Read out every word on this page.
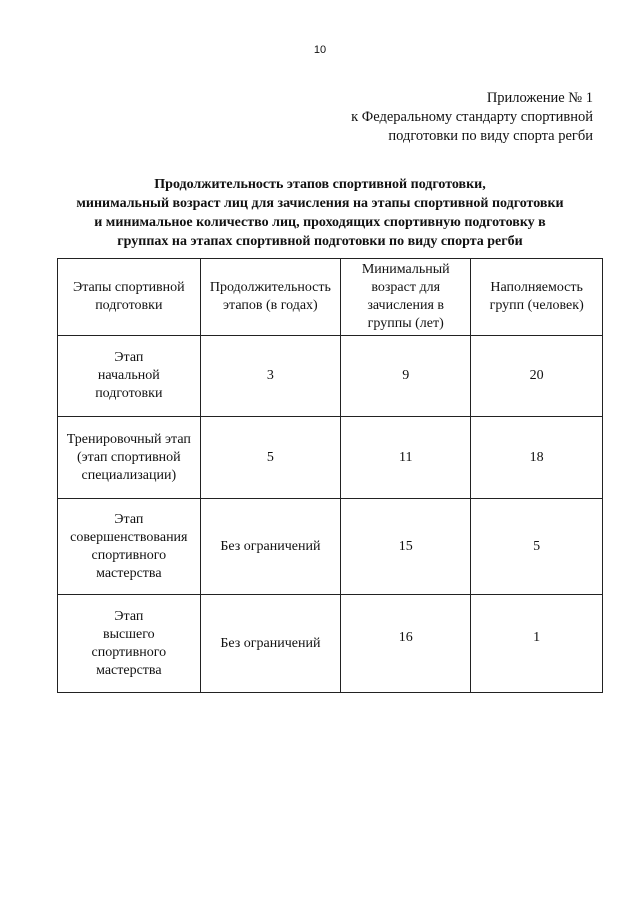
10
Приложение № 1
к Федеральному стандарту спортивной
подготовки по виду спорта регби
Продолжительность этапов спортивной подготовки,
минимальный возраст лиц для зачисления на этапы спортивной подготовки
и минимальное количество лиц, проходящих спортивную подготовку в
группах на этапах спортивной подготовки по виду спорта регби
Этапы спортивной подготовки	Продолжительность этапов (в годах)	Минимальный возраст для зачисления в группы (лет)	Наполняемость групп (человек)
Этап
начальной
подготовки	3	9	20
Тренировочный этап
(этап спортивной
специализации)	5	11	18
Этап
совершенствования
спортивного
мастерства	Без ограничений	15	5
Этап
высшего
спортивного
мастерства	Без ограничений	16	1
